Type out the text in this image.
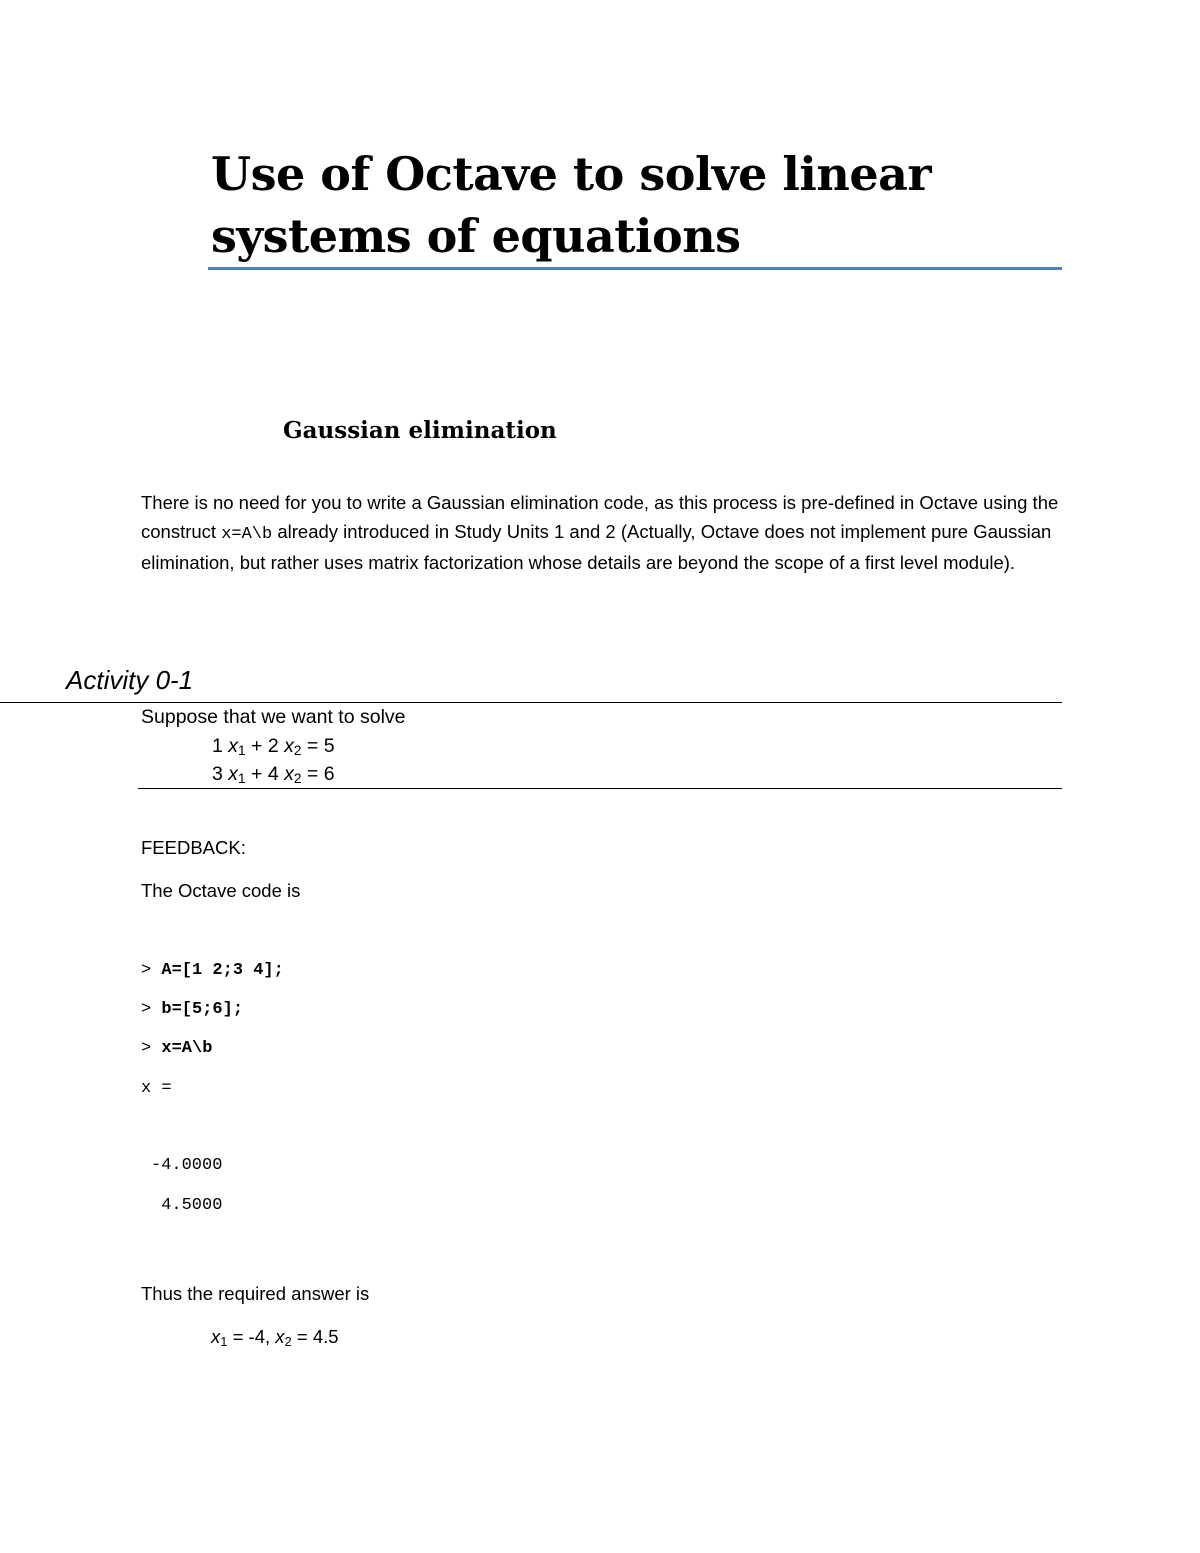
Use of Octave to solve linear
systems of equations
Gaussian elimination
There is no need for you to write a Gaussian elimination code, as this process is pre-defined in Octave using the construct x=A\b already introduced in Study Units 1 and 2 (Actually, Octave does not implement pure Gaussian elimination, but rather uses matrix factorization whose details are beyond the scope of a first level module).
Activity 0-1
Suppose that we want to solve
1 $x_1 + 2$ $x_2 = 5$
3 $x_1 + 4$ $x_2 = 6$
FEEDBACK:
The Octave code is
> A=[1 2;3 4];
> b=[5;6];
> x=A\b
x =
-4.0000
4.5000
Thus the required answer is
$x_1 = -4$, $x_2 = 4.5$
